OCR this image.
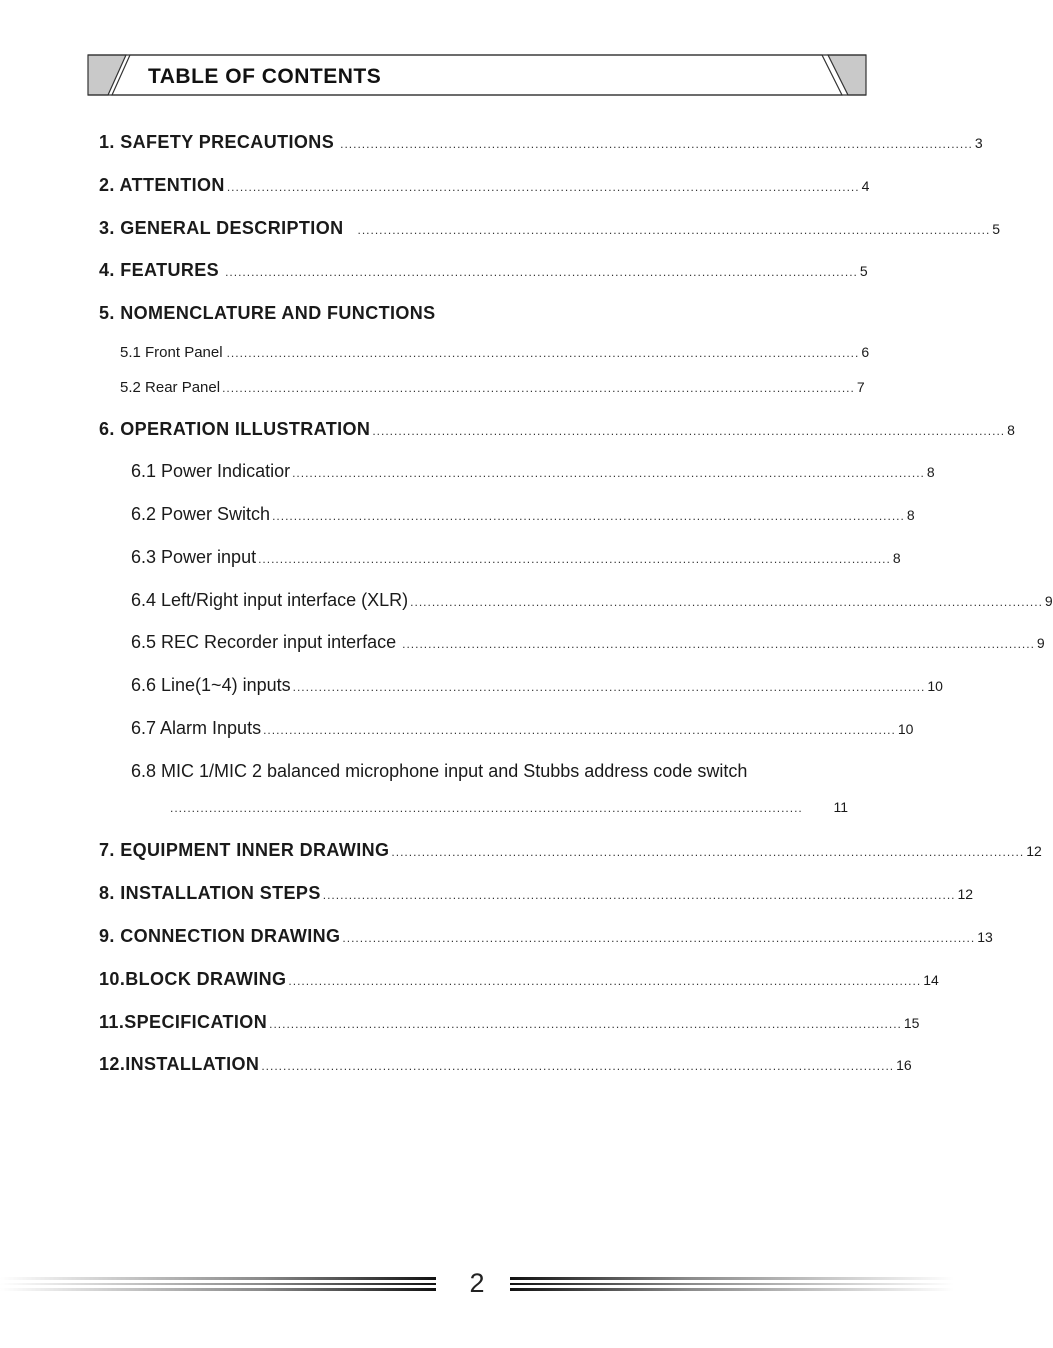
TABLE OF CONTENTS
1. SAFETY PRECAUTIONS .................................................................................................................................................. 3
2. ATTENTION .................................................................................................................................................. 4
3. GENERAL DESCRIPTION .................................................................................................................................................. 5
4. FEATURES .................................................................................................................................................. 5
5. NOMENCLATURE AND FUNCTIONS
5.1 Front Panel .................................................................................................................................................. 6
5.2 Rear Panel .................................................................................................................................................. 7
6. OPERATION ILLUSTRATION .................................................................................................................................................. 8
6.1 Power Indicatior .................................................................................................................................................. 8
6.2 Power Switch .................................................................................................................................................. 8
6.3 Power input .................................................................................................................................................. 8
6.4 Left/Right input interface (XLR) .................................................................................................................................................. 9
6.5 REC Recorder input interface .................................................................................................................................................. 9
6.6 Line(1~4) inputs .................................................................................................................................................. 10
6.7 Alarm Inputs .................................................................................................................................................. 10
6.8 MIC 1/MIC 2 balanced microphone input and Stubbs address code switch
..................................................................................................................................................	11
7. EQUIPMENT INNER DRAWING .................................................................................................................................................. 12
8. INSTALLATION STEPS .................................................................................................................................................. 12
9. CONNECTION DRAWING .................................................................................................................................................. 13
10.BLOCK DRAWING .................................................................................................................................................. 14
11.SPECIFICATION .................................................................................................................................................. 15
12.INSTALLATION .................................................................................................................................................. 16
2
